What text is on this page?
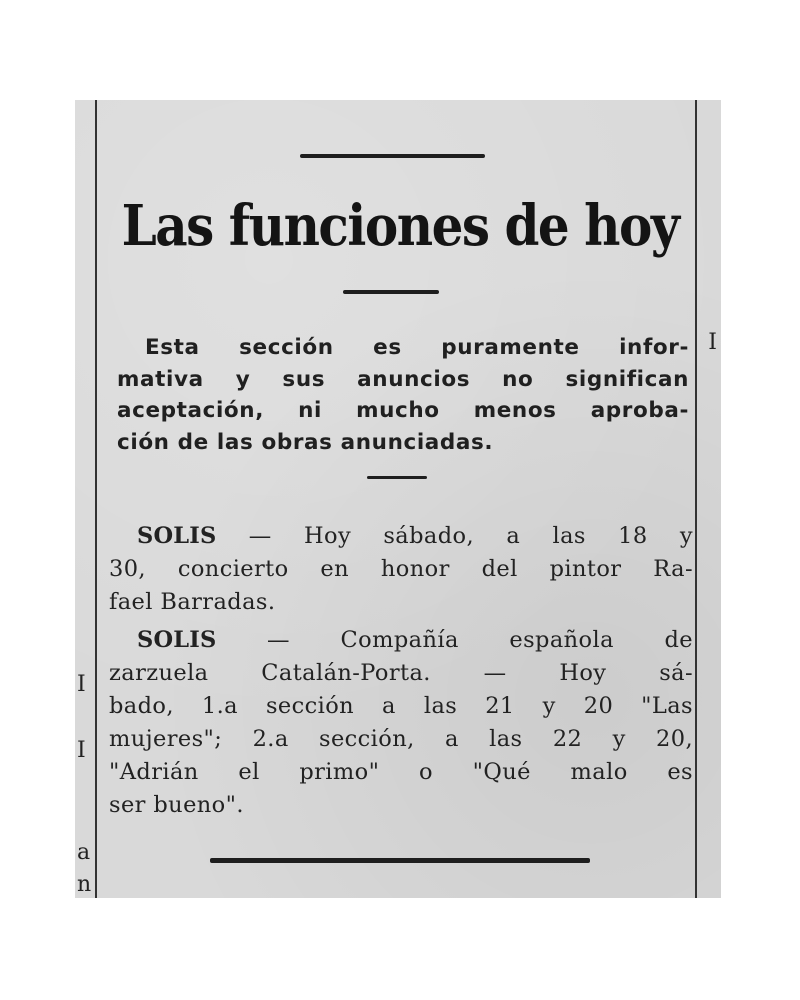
I
I
a
n
I
Las funciones de hoy
Esta sección es puramente infor-
mativa y sus anuncios no significan
aceptación, ni mucho menos aproba-
ción de las obras anunciadas.
SOLIS — Hoy sábado, a las 18 y
30, concierto en honor del pintor Ra-
fael Barradas.
SOLIS — Compañía española de
zarzuela Catalán-Porta. — Hoy sá-
bado, 1.a sección a las 21 y 20 "Las
mujeres"; 2.a sección, a las 22 y 20,
"Adrián el primo" o "Qué malo es
ser bueno".
